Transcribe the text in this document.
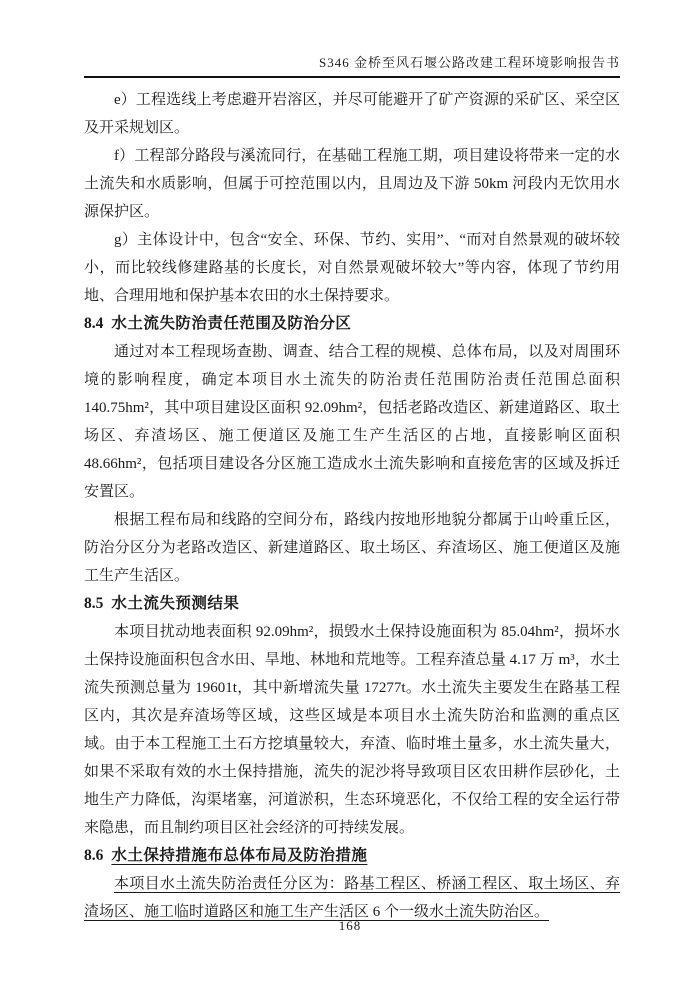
S346 金桥至风石堰公路改建工程环境影响报告书

e）工程选线上考虑避开岩溶区，并尽可能避开了矿产资源的采矿区、采空区及开采规划区。

f）工程部分路段与溪流同行，在基础工程施工期，项目建设将带来一定的水土流失和水质影响，但属于可控范围以内，且周边及下游 50km 河段内无饮用水源保护区。

g）主体设计中，包含“安全、环保、节约、实用”、“而对自然景观的破坏较小，而比较线修建路基的长度长，对自然景观破坏较大”等内容，体现了节约用地、合理用地和保护基本农田的水土保持要求。

8.4 水土流失防治责任范围及防治分区

通过对本工程现场查勘、调查、结合工程的规模、总体布局，以及对周围环境的影响程度，确定本项目水土流失的防治责任范围防治责任范围总面积 140.75hm²，其中项目建设区面积 92.09hm²，包括老路改造区、新建道路区、取土场区、弃渣场区、施工便道区及施工生产生活区的占地，直接影响区面积 48.66hm²，包括项目建设各分区施工造成水土流失影响和直接危害的区域及拆迁安置区。

根据工程布局和线路的空间分布，路线内按地形地貌分都属于山岭重丘区，防治分区分为老路改造区、新建道路区、取土场区、弃渣场区、施工便道区及施工生产生活区。

8.5 水土流失预测结果

本项目扰动地表面积 92.09hm²，损毁水土保持设施面积为 85.04hm²，损坏水土保持设施面积包含水田、旱地、林地和荒地等。工程弃渣总量 4.17 万 m³，水土流失预测总量为 19601t，其中新增流失量 17277t。水土流失主要发生在路基工程区内，其次是弃渣场等区域，这些区域是本项目水土流失防治和监测的重点区域。由于本工程施工土石方挖填量较大，弃渣、临时堆土量多，水土流失量大，如果不采取有效的水土保持措施，流失的泥沙将导致项目区农田耕作层砂化，土地生产力降低，沟渠堵塞，河道淤积，生态环境恶化，不仅给工程的安全运行带来隐患，而且制约项目区社会经济的可持续发展。

8.6 水土保持措施布总体布局及防治措施

本项目水土流失防治责任分区为：路基工程区、桥涵工程区、取土场区、弃渣场区、施工临时道路区和施工生产生活区 6 个一级水土流失防治区。

168
